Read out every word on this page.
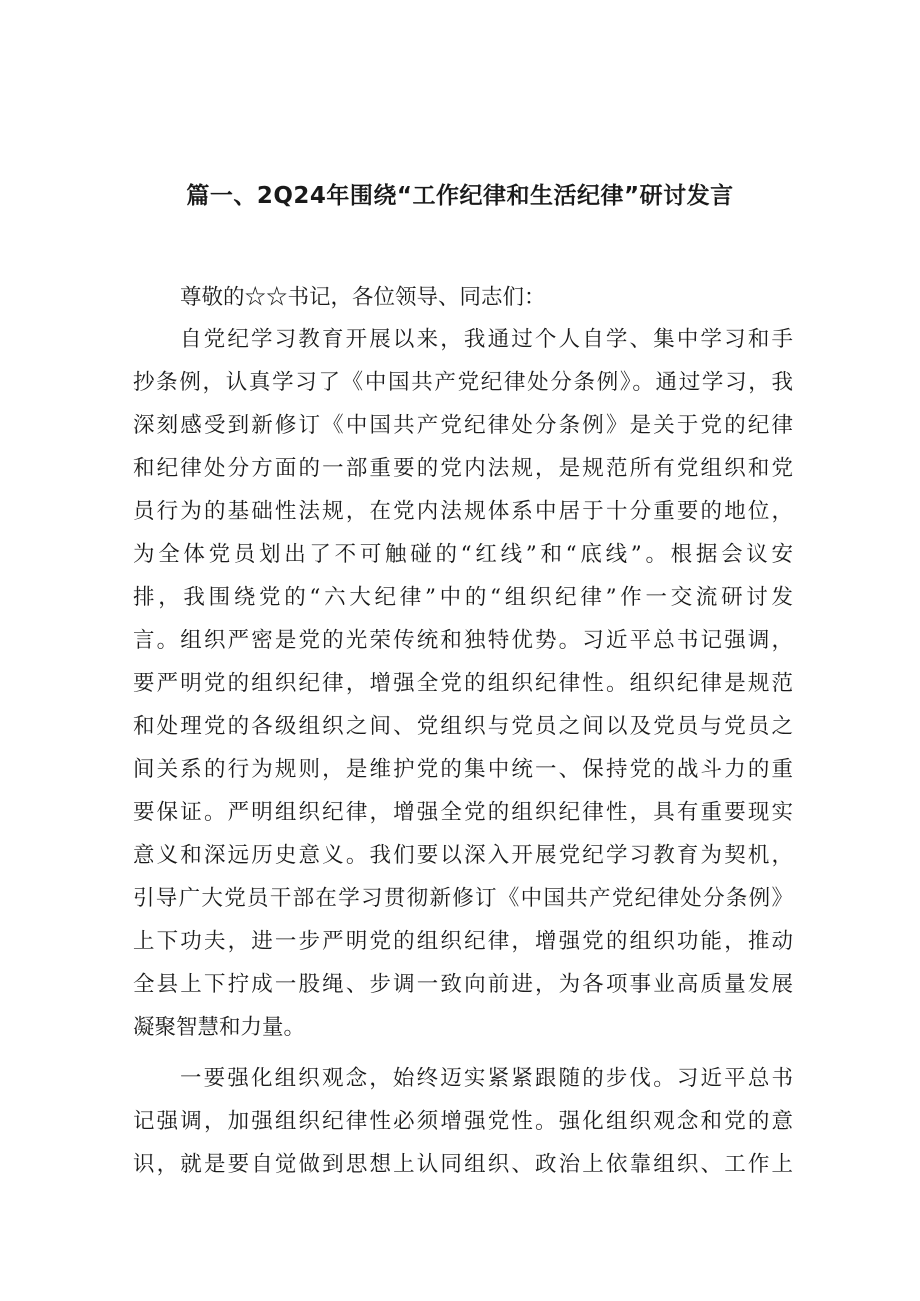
篇一、2Q24年围绕“工作纪律和生活纪律”研讨发言
尊敬的☆☆书记，各位领导、同志们：
自党纪学习教育开展以来，我通过个人自学、集中学习和手
抄条例，认真学习了《中国共产党纪律处分条例》。通过学习，我
深刻感受到新修订《中国共产党纪律处分条例》是关于党的纪律
和纪律处分方面的一部重要的党内法规，是规范所有党组织和党
员行为的基础性法规，在党内法规体系中居于十分重要的地位，
为全体党员划出了不可触碰的“红线”和“底线”。根据会议安
排，我围绕党的“六大纪律”中的“组织纪律”作一交流研讨发
言。组织严密是党的光荣传统和独特优势。习近平总书记强调，
要严明党的组织纪律，增强全党的组织纪律性。组织纪律是规范
和处理党的各级组织之间、党组织与党员之间以及党员与党员之
间关系的行为规则，是维护党的集中统一、保持党的战斗力的重
要保证。严明组织纪律，增强全党的组织纪律性，具有重要现实
意义和深远历史意义。我们要以深入开展党纪学习教育为契机，
引导广大党员干部在学习贯彻新修订《中国共产党纪律处分条例》
上下功夫，进一步严明党的组织纪律，增强党的组织功能，推动
全县上下拧成一股绳、步调一致向前进，为各项事业高质量发展
凝聚智慧和力量。
一要强化组织观念，始终迈实紧紧跟随的步伐。习近平总书
记强调，加强组织纪律性必须增强党性。强化组织观念和党的意
识，就是要自觉做到思想上认同组织、政治上依靠组织、工作上
